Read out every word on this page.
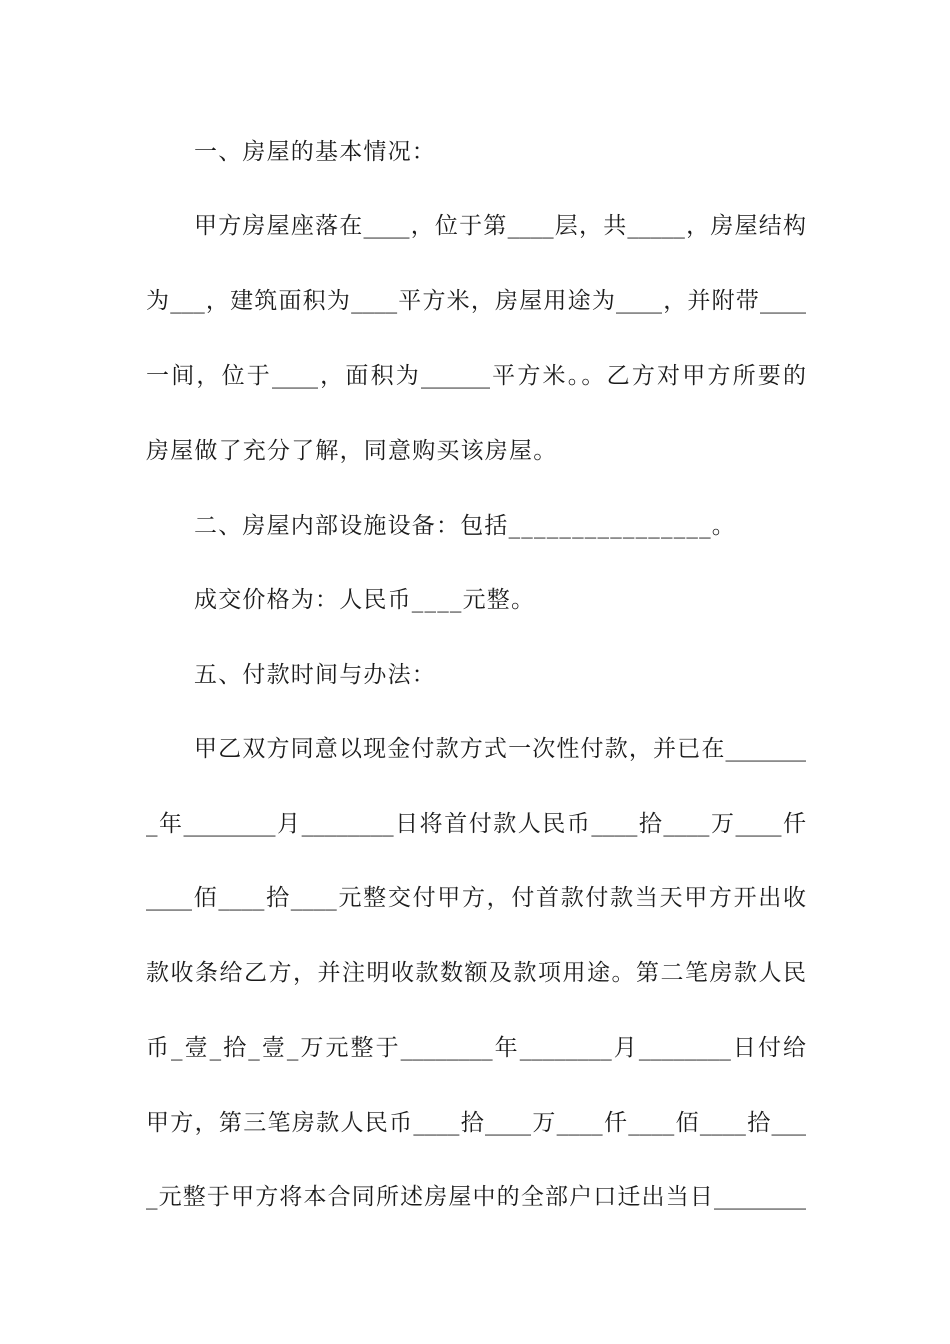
一、房屋的基本情况：
甲方房屋座落在____，位于第____层，共_____，房屋结构
为___，建筑面积为____平方米，房屋用途为____，并附带____
一间，位于____，面积为______平方米。。乙方对甲方所要的
房屋做了充分了解，同意购买该房屋。
二、房屋内部设施设备：包括________________。
成交价格为：人民币____元整。
五、付款时间与办法：
甲乙双方同意以现金付款方式一次性付款，并已在_______
_年________月________日将首付款人民币____拾____万____仟
____佰____拾____元整交付甲方，付首款付款当天甲方开出收
款收条给乙方，并注明收款数额及款项用途。第二笔房款人民
币_壹_拾_壹_万元整于________年________月________日付给
甲方，第三笔房款人民币____拾____万____仟____佰____拾___
_元整于甲方将本合同所述房屋中的全部户口迁出当日________
